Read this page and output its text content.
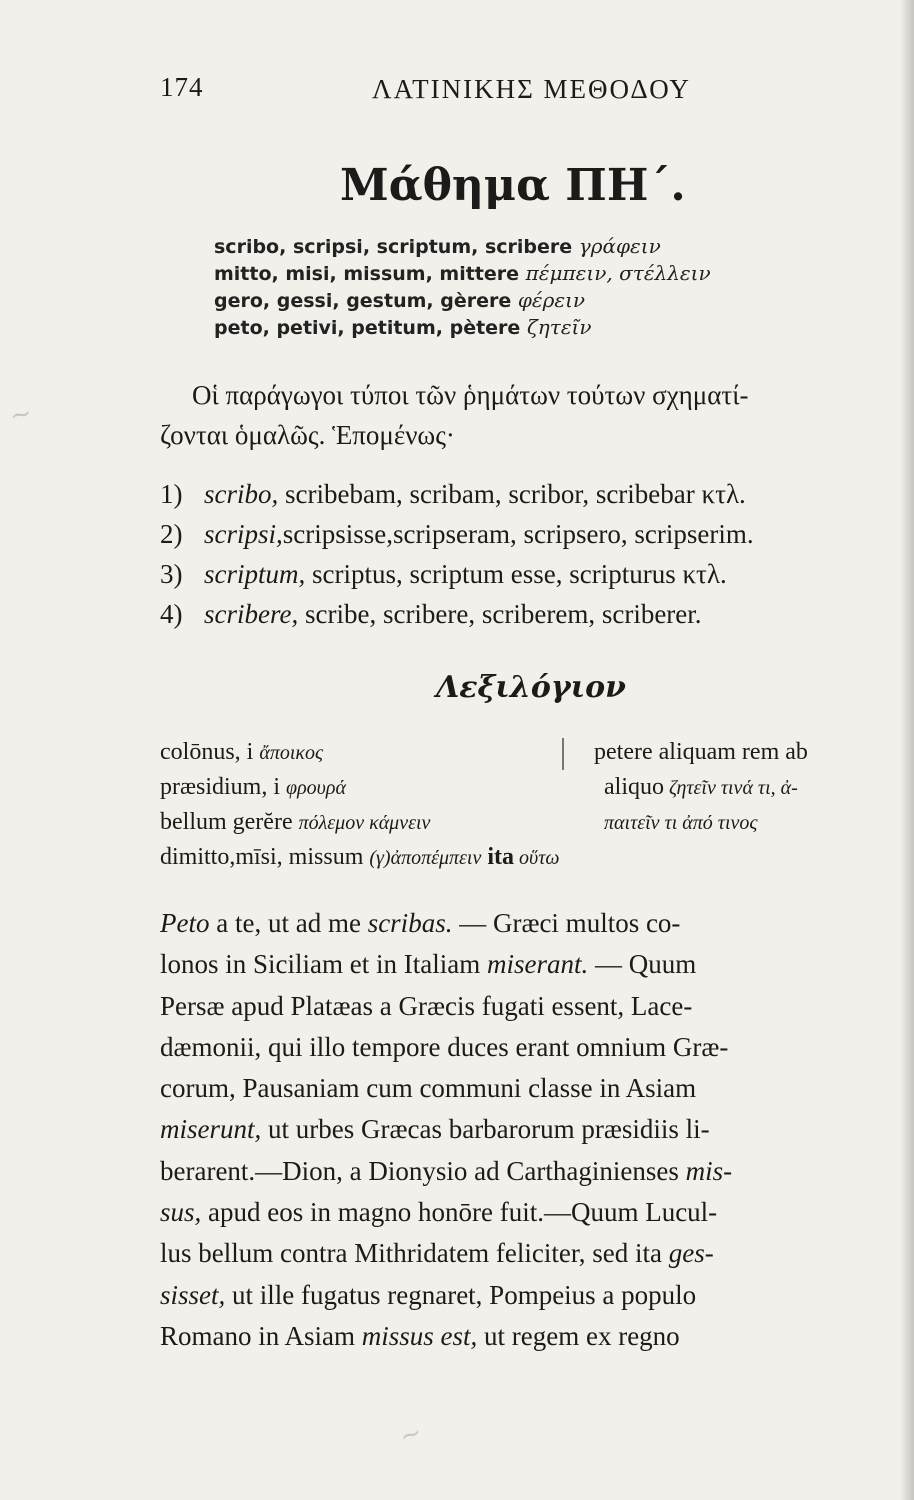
174	ΛΑΤΙΝΙΚΗΣ ΜΕΘΟΔΟΥ
Μάθημα ΠΗ΄.
scribo, scripsi, scriptum, scribere γράφειν
mitto, misi, missum, mittere πέμπειν, στέλλειν
gero, gessi, gestum, gèrere φέρειν
peto, petivi, petitum, pètere ζητεῖν
Οἱ παράγωγοι τύποι τῶν ῥημάτων τούτων σχηματί-
ζονται ὁμαλῶς. Ἑπομένως·
1) scribo, scribebam, scribam, scribor, scribebar κτλ.
2) scripsi,scripsisse,scripseram, scripsero, scripserim.
3) scriptum, scriptus, scriptum esse, scripturus κτλ.
4) scribere, scribe, scribere, scriberem, scriberer.
Λεξιλόγιον
colōnus, i ἄποικος
præsidium, i φρουρά
bellum gerĕre πόλεμον κάμνειν
dimitto,mīsi, missum (γ)ἀποπέμπειν ita οὕτω
petere aliquam rem ab
aliquo ζητεῖν τινά τι, ἀ-
παιτεῖν τι ἀπό τινος
Peto a te, ut ad me scribas. — Græci multos co-
lonos in Siciliam et in Italiam miserant. — Quum
Persæ apud Platæas a Græcis fugati essent, Lace-
dæmonii, qui illo tempore duces erant omnium Græ-
corum, Pausaniam cum communi classe in Asiam
miserunt, ut urbes Græcas barbarorum præsidiis li-
berarent.—Dion, a Dionysio ad Carthaginienses mis-
sus, apud eos in magno honōre fuit.—Quum Lucul-
lus bellum contra Mithridatem feliciter, sed ita ges-
sisset, ut ille fugatus regnaret, Pompeius a populo
Romano in Asiam missus est, ut regem ex regno
~
~
